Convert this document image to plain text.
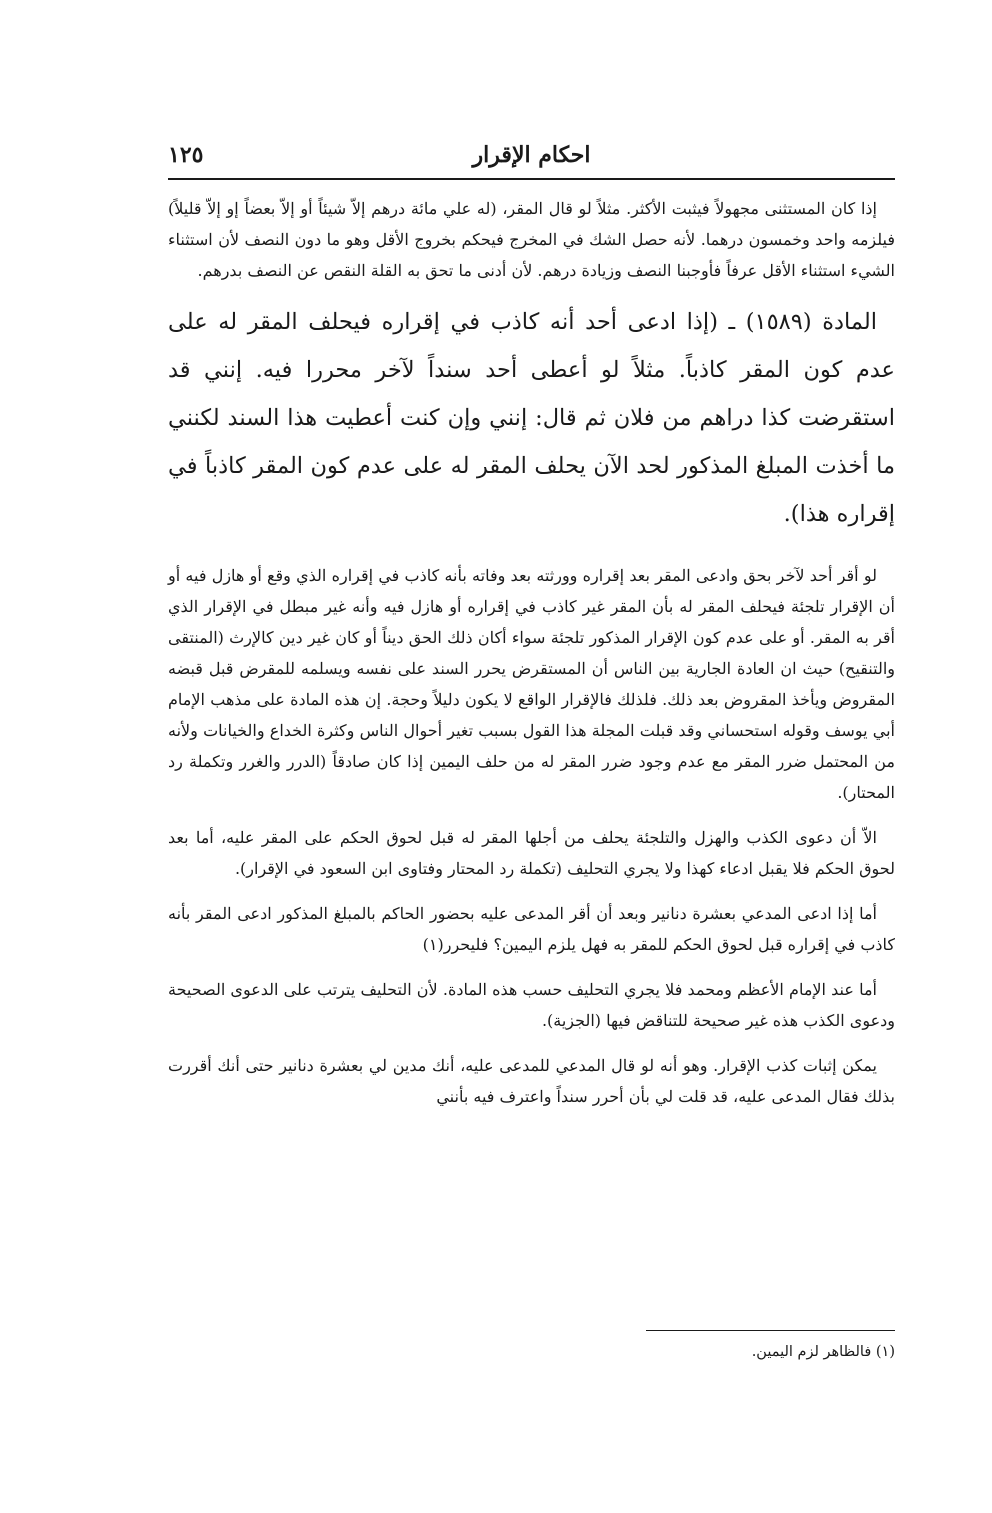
احكام الإقرار
١٢٥

إذا كان المستثنى مجهولاً فيثبت الأكثر. مثلاً لو قال المقر، (له علي مائة درهم إلاّ شيئاً أو إلاّ بعضاً إو إلاّ قليلاً) فيلزمه واحد وخمسون درهما. لأنه حصل الشك في المخرج فيحكم بخروج الأقل وهو ما دون النصف لأن استثناء الشيء استثناء الأقل عرفاً فأوجبنا النصف وزيادة درهم. لأن أدنى ما تحق به القلة النقص عن النصف بدرهم.

المادة (١٥٨٩) ـ (إذا ادعى أحد أنه كاذب في إقراره فيحلف المقر له على عدم كون المقر كاذباً. مثلاً لو أعطى أحد سنداً لآخر محررا فيه. إنني قد استقرضت كذا دراهم من فلان ثم قال: إنني وإن كنت أعطيت هذا السند لكنني ما أخذت المبلغ المذكور لحد الآن يحلف المقر له على عدم كون المقر كاذباً في إقراره هذا).

لو أقر أحد لآخر بحق وادعى المقر بعد إقراره وورثته بعد وفاته بأنه كاذب في إقراره الذي وقع أو هازل فيه أو أن الإقرار تلجئة فيحلف المقر له بأن المقر غير كاذب في إقراره أو هازل فيه وأنه غير مبطل في الإقرار الذي أقر به المقر. أو على عدم كون الإقرار المذكور تلجئة سواء أكان ذلك الحق ديناً أو كان غير دين كالإرث (المنتقى والتنقيح) حيث ان العادة الجارية بين الناس أن المستقرض يحرر السند على نفسه ويسلمه للمقرض قبل قبضه المقروض ويأخذ المقروض بعد ذلك. فلذلك فالإقرار الواقع لا يكون دليلاً وحجة. إن هذه المادة على مذهب الإمام أبي يوسف وقوله استحساني وقد قبلت المجلة هذا القول بسبب تغير أحوال الناس وكثرة الخداع والخيانات ولأنه من المحتمل ضرر المقر مع عدم وجود ضرر المقر له من حلف اليمين إذا كان صادقاً (الدرر والغرر وتكملة رد المحتار).

الاّ أن دعوى الكذب والهزل والتلجئة يحلف من أجلها المقر له قبل لحوق الحكم على المقر عليه، أما بعد لحوق الحكم فلا يقبل ادعاء كهذا ولا يجري التحليف (تكملة رد المحتار وفتاوى ابن السعود في الإقرار).

أما إذا ادعى المدعي بعشرة دنانير وبعد أن أقر المدعى عليه بحضور الحاكم بالمبلغ المذكور ادعى المقر بأنه كاذب في إقراره قبل لحوق الحكم للمقر به فهل يلزم اليمين؟ فليحرر(١)

أما عند الإمام الأعظم ومحمد فلا يجري التحليف حسب هذه المادة. لأن التحليف يترتب على الدعوى الصحيحة ودعوى الكذب هذه غير صحيحة للتناقض فيها (الجزية).

يمكن إثبات كذب الإقرار. وهو أنه لو قال المدعي للمدعى عليه، أنك مدين لي بعشرة دنانير حتى أنك أقررت بذلك فقال المدعى عليه، قد قلت لي بأن أحرر سنداً واعترف فيه بأنني

(١) فالظاهر لزم اليمين.
